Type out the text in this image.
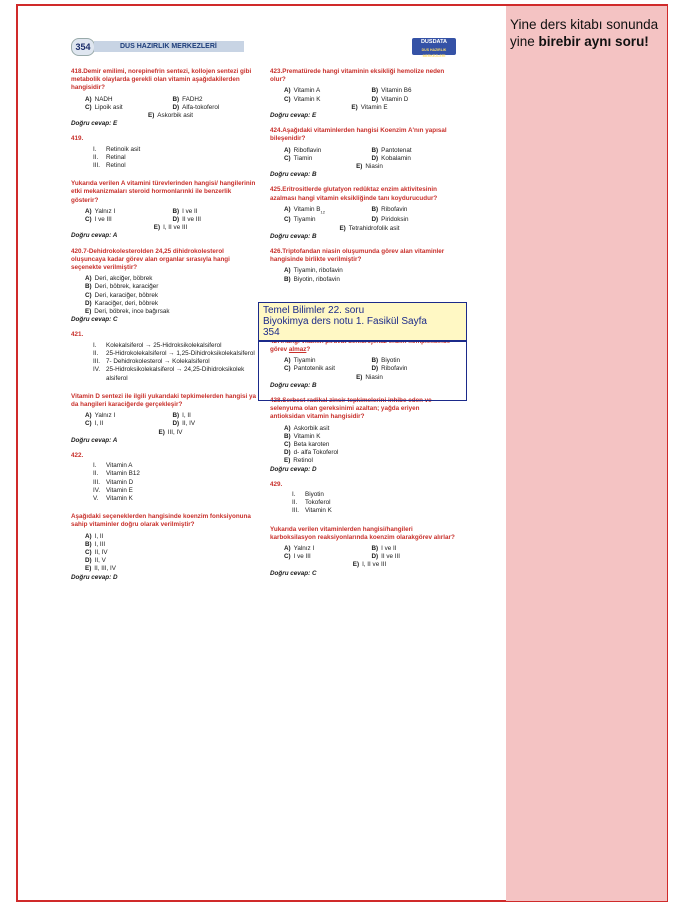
Yine ders kitabı sonunda yine birebir aynı soru!
354	DUS HAZIRLIK MERKEZLERİ
DUSDATA
DUS HAZIRLIK MERKEZLERİ
418.Demir emilimi, norepinefrin sentezi, kollojen sentezi gibi metabolik olaylarda gerekli olan vitamin aşağıdakilerden hangisidir?
A) NADH	B) FADH2
C) Lipoik asit	D) Alfa-tokoferol
E) Askorbik asit
Doğru cevap: E
419.
I.	Retinoik asit
II.	Retinal
III. Retinol
Yukarıda verilen A vitamini türevlerinden hangisi/ hangilerinin etki mekanizmaları steroid hormonlarınki ile benzerlik gösterir?
A) Yalnız I	B) I ve II
C) I ve III	D) II ve III
E) I, II ve III
Doğru cevap: A
420.7-Dehidrokolesterolden 24,25 dihidrokolesterol oluşuncaya kadar görev alan organlar sırasıyla hangi seçenekte verilmiştir?
A) Deri, akciğer, böbrek
B) Deri, böbrek, karaciğer
C) Deri, karaciğer, böbrek
D) Karaciğer, deri, böbrek
E) Deri, böbrek, ince bağırsak
Doğru cevap: C
421.
I.	Kolekalsiferol → 25-Hidroksikolekalsiferol
II.	25-Hidrokolekalsiferol → 1,25-Dihidroksikolekalsiferol
III. 7- Dehidrokolesterol → Kolekalsiferol
IV. 25-Hidroksikolekalsiferol → 24,25-Dihidroksikolek alsiferol
Vitamin D sentezi ile ilgili yukarıdaki tepkimelerden hangisi ya da hangileri karaciğerde gerçekleşir?
A) Yalnız I	B) I, II
C) I, II	D) II, IV
E) III, IV
Doğru cevap: A
422.
I.	Vitamin A
II.	Vitamin B12
III. Vitamin D
IV. Vitamin E
V.	Vitamin K
Aşağıdaki seçeneklerden hangisinde koenzim fonksiyonuna sahip vitaminler doğru olarak verilmiştir?
A) I, II
B) I, III
C) II, IV
D) II, V
E) II, III, IV
Doğru cevap: D
423.Prematürede hangi vitaminin eksikliği hemolize neden olur?
A) Vitamin A	B) Vitamin B6
C) Vitamin K	D) Vitamin D
E) Vitamin E
Doğru cevap: E
424.Aşağıdaki vitaminlerden hangisi Koenzim A'nın yapısal bileşenidir?
A) Riboflavin	B) Pantotenat
C) Tiamin	D) Kobalamin
E) Niasin
Doğru cevap: B
425.Eritrositlerde glutatyon redüktaz enzim aktivitesinin azalması hangi vitamin eksikliğinde tanı koydurucudur?
A) Vitamin $B_{12}$	B) Ribofavin
C) Tiyamin	D) Piridoksin
E) Tetrahidrofolik asit
Doğru cevap: B
426.Triptofandan niasin oluşumunda görev alan vitaminler hangisinde birlikte verilmiştir?
A) Tiyamin, ribofavin
B) Biyotin, ribofavin
görev almaz?
A) Tiyamin	B) Biyotin
C) Pantotenik asit	D) Ribofavin
E) Niasin
Doğru cevap: B
428.Serbest radikal zincir tepkimelerini inhibe eden ve selenyuma olan gereksinimi azaltan; yağda eriyen antioksidan vitamin hangisidir?
A) Askorbik asit
B) Vitamin K
C) Beta karoten
D) d- alfa Tokoferol
E) Retinol
Doğru cevap: D
429.
I.	Biyotin
II.	Tokoferol
III. Vitamin K
Yukarıda verilen vitaminlerden hangisi/hangileri karboksilasyon reaksiyonlarında koenzim olarakgörev alırlar?
A) Yalnız I	B) I ve II
C) I ve III	D) II ve III
E) I, II ve III
Doğru cevap: C
Temel Bilimler 22. soru
Biyokimya ders notu 1. Fasikül Sayfa
354
